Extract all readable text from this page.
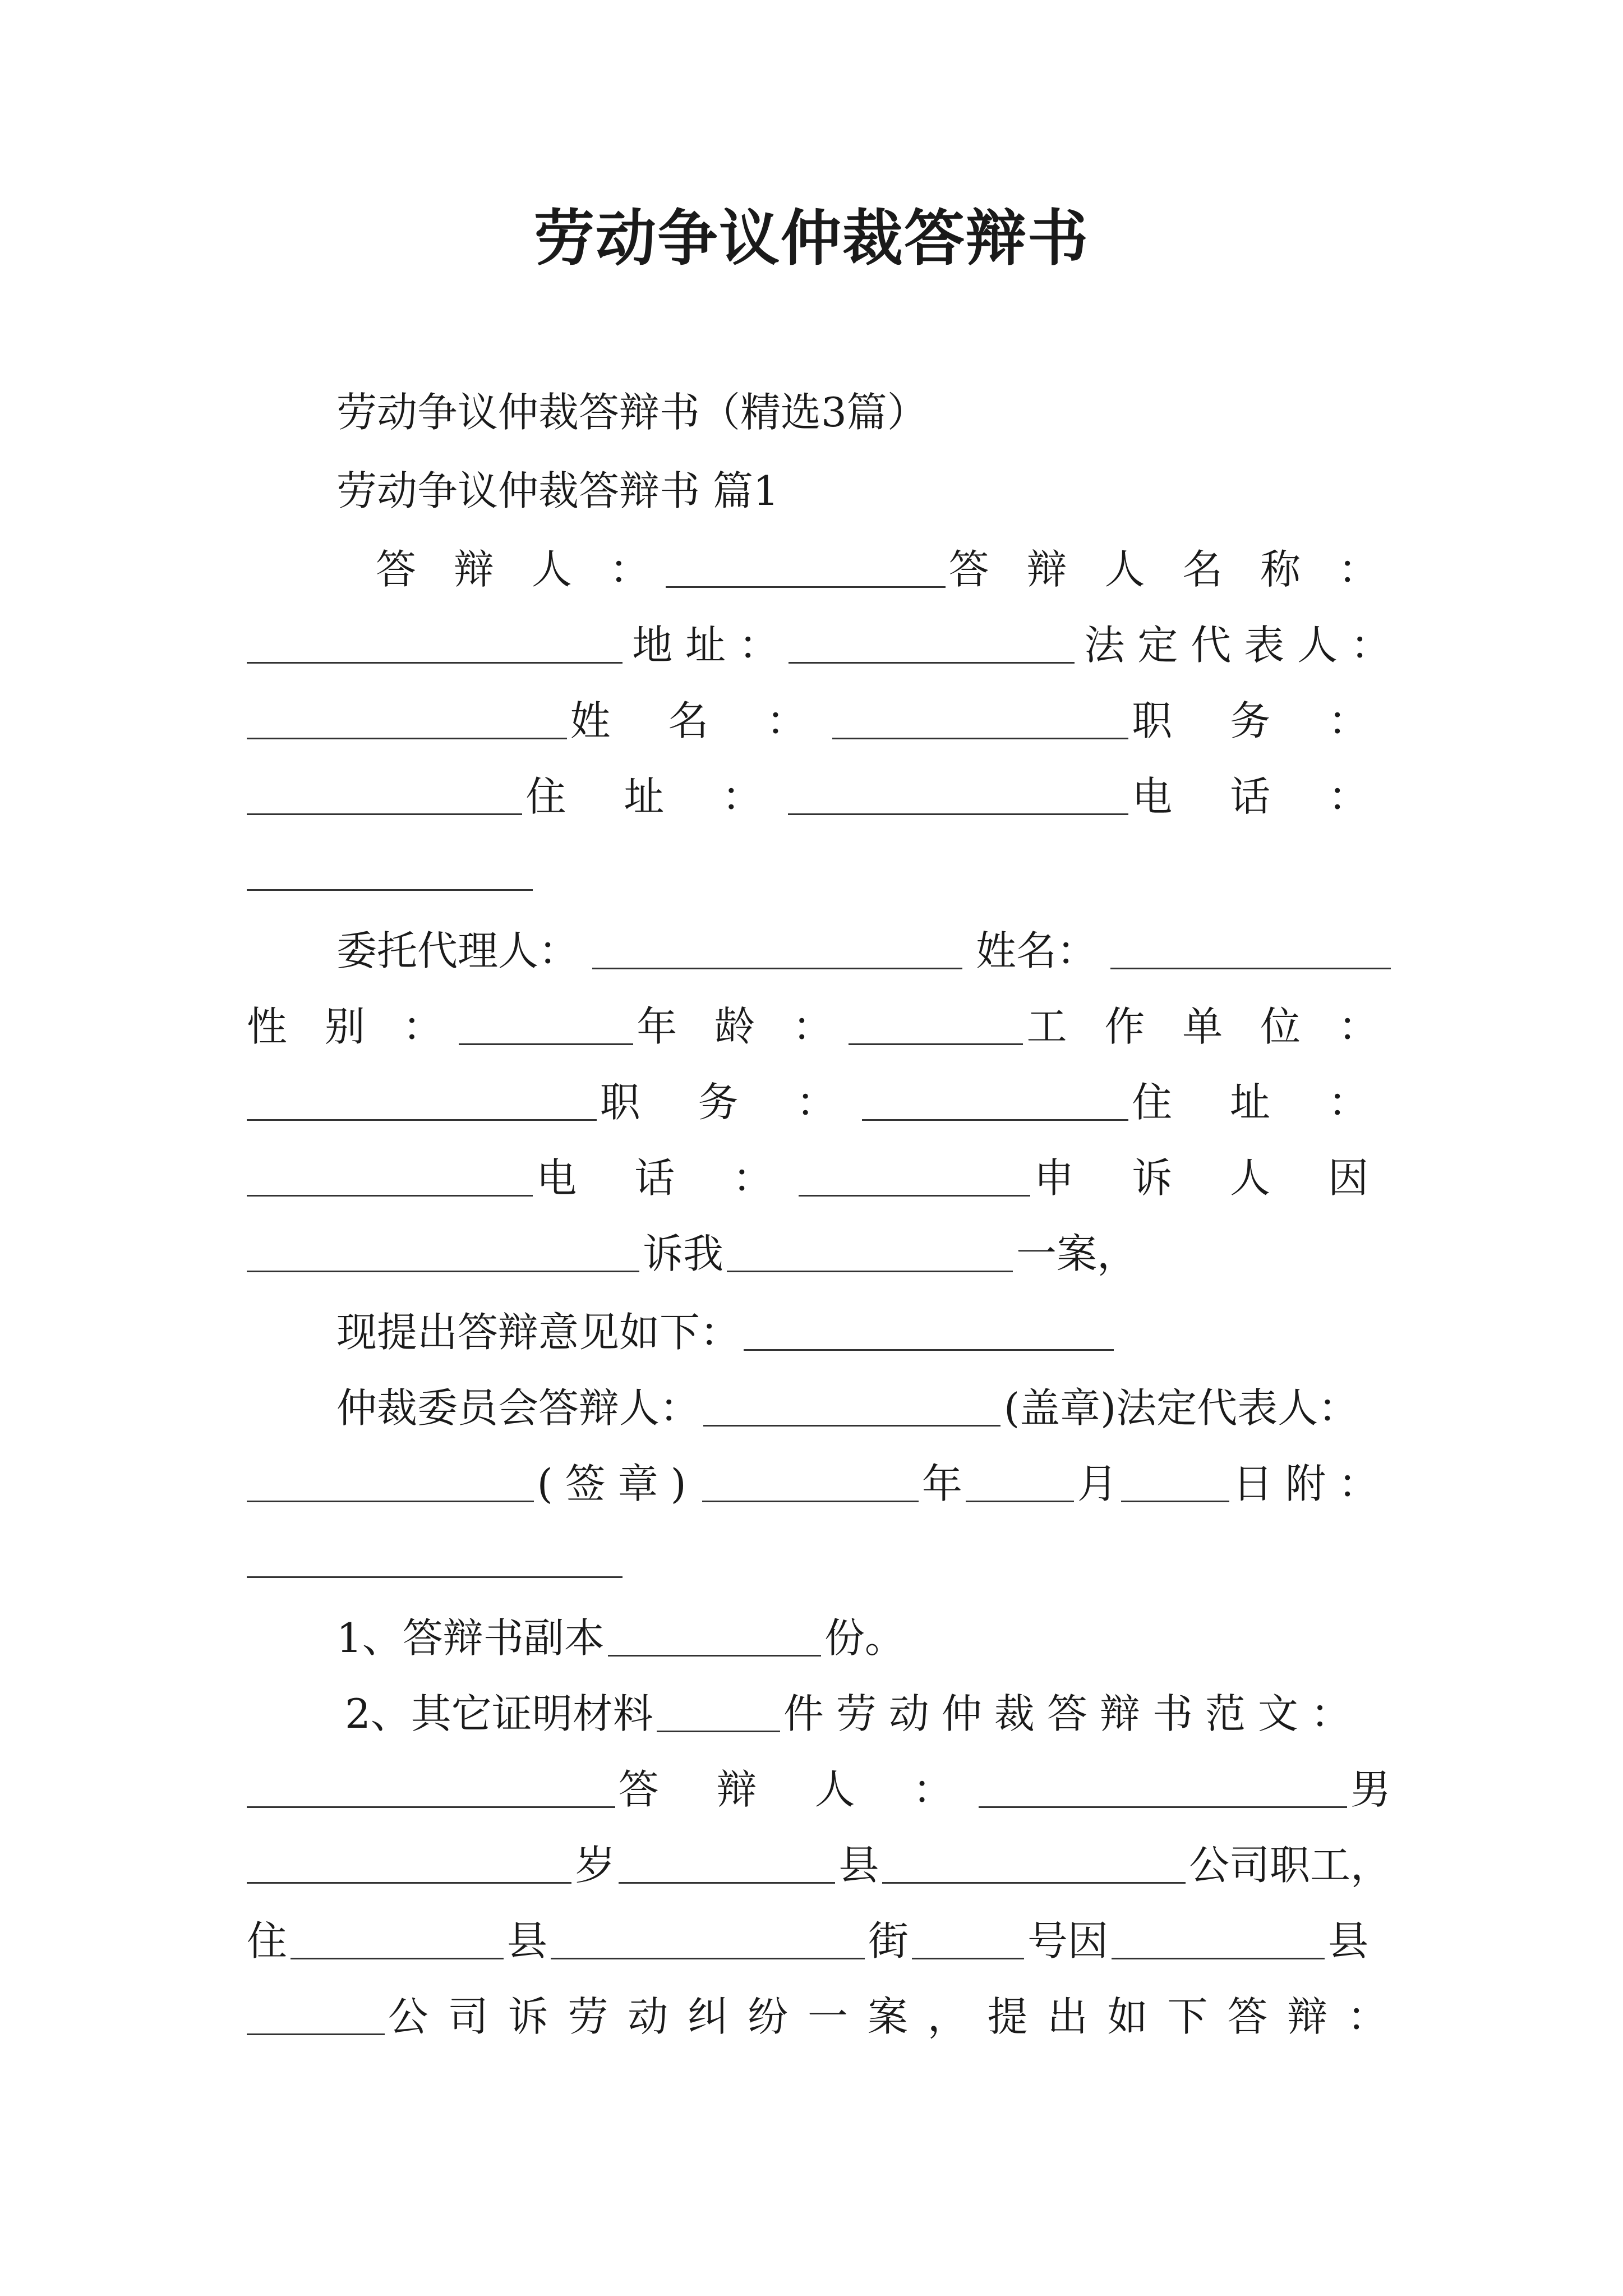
劳动争议仲裁答辩书
劳动争议仲裁答辩书（精选3篇）
劳动争议仲裁答辩书 篇1
答 辩 人 ：	答 辩 人 名 称 ：
地 址 ：	法 定 代 表 人 ：
姓 名 ：	职 务 ：
住 址 ：	电 话 ：
委托代理人：	姓名：
性 别 ：	年 龄 ：	工 作 单 位 ：
职 务 ：	住 址 ：
电 话 ：	申 诉 人 因
诉我	一案，
现提出答辩意见如下：
仲裁委员会答辩人：	(盖章)法定代表人：
(签章)	年	月	日附：
1、答辩书副本	份。
2、其它证明材料	件劳动仲裁答辩书范文：
答 辩 人 ：	男
岁	县	公司职工，
住	县	街	号因	县
公 司 诉 劳 动 纠 纷 一 案 ， 提 出 如 下 答 辩 ：
